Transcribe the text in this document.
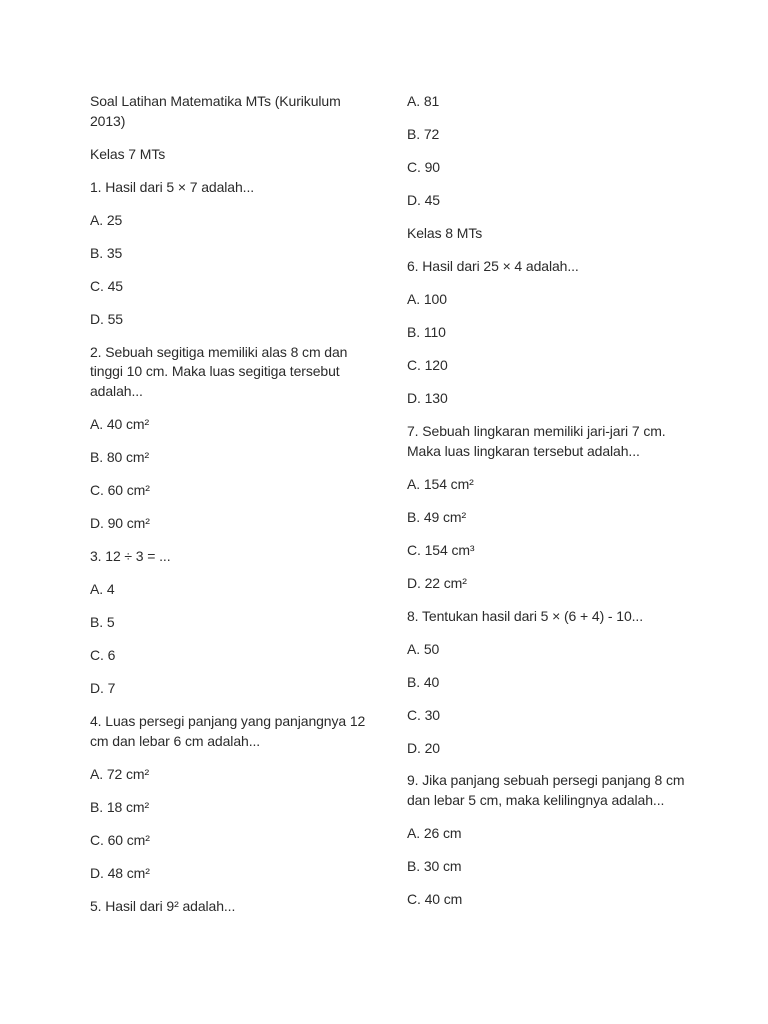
Soal Latihan Matematika MTs (Kurikulum 2013)

Kelas 7 MTs

1. Hasil dari 5 × 7 adalah...

A. 25

B. 35

C. 45

D. 55

2. Sebuah segitiga memiliki alas 8 cm dan tinggi 10 cm. Maka luas segitiga tersebut adalah...

A. 40 cm²

B. 80 cm²

C. 60 cm²

D. 90 cm²

3. 12 ÷ 3 = ...

A. 4

B. 5

C. 6

D. 7

4. Luas persegi panjang yang panjangnya 12 cm dan lebar 6 cm adalah...

A. 72 cm²

B. 18 cm²

C. 60 cm²

D. 48 cm²

5. Hasil dari 9² adalah...

A. 81

B. 72

C. 90

D. 45

Kelas 8 MTs

6. Hasil dari 25 × 4 adalah...

A. 100

B. 110

C. 120

D. 130

7. Sebuah lingkaran memiliki jari-jari 7 cm. Maka luas lingkaran tersebut adalah...

A. 154 cm²

B. 49 cm²

C. 154 cm³

D. 22 cm²

8. Tentukan hasil dari 5 × (6 + 4) - 10...

A. 50

B. 40

C. 30

D. 20

9. Jika panjang sebuah persegi panjang 8 cm dan lebar 5 cm, maka kelilingnya adalah...

A. 26 cm

B. 30 cm

C. 40 cm
